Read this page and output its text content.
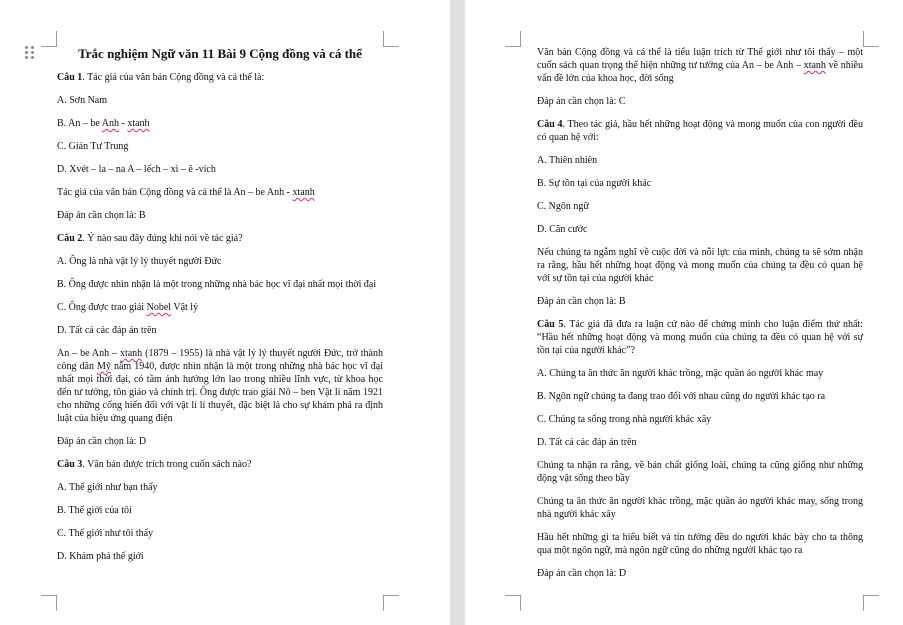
Trắc nghiệm Ngữ văn 11 Bài 9 Cộng đồng và cá thể
Câu 1. Tác giả của văn bản Cộng đồng và cá thể là:
A. Sơn Nam
B. An – be Anh - xtanh
C. Giản Tư Trung
D. Xvét – la – na A – lếch – xi – ê -vích
Tác giả của văn bản Cộng đồng và cá thể là An – be Anh - xtanh
Đáp án cần chọn là: B
Câu 2. Ý nào sau đây đúng khi nói về tác giả?
A. Ông là nhà vật lý lý thuyết người Đức
B. Ông được nhìn nhận là một trong những nhà bác học vĩ đại nhất mọi thời đại
C. Ông được trao giải Nobel Vật lý
D. Tất cả các đáp án trên
An – be Anh – xtanh (1879 – 1955) là nhà vật lý lý thuyết người Đức, trở thành công dân Mỹ năm 1940, được nhìn nhận là một trong những nhà bác học vĩ đại nhất mọi thời đại, có tầm ảnh hưởng lớn lao trong nhiều lĩnh vực, từ khoa học đến tư tưởng, tôn giáo và chính trị. Ông được trao giải Nô – ben Vật lí năm 1921 cho những cống hiến đối với vật lí lí thuyết, đặc biệt là cho sự khám phá ra định luật của hiệu ứng quang điện
Đáp án cần chọn là: D
Câu 3. Văn bản được trích trong cuốn sách nào?
A. Thế giới như bạn thấy
B. Thế giới của tôi
C. Thế giới như tôi thấy
D. Khám phá thế giới
Văn bản Cộng đồng và cá thể là tiểu luận trích từ Thế giới như tôi thấy – một cuốn sách quan trọng thể hiện những tư tưởng của An – be Anh – xtanh về nhiều vấn đề lớn của khoa học, đời sống
Đáp án cần chọn là: C
Câu 4. Theo tác giả, hầu hết những hoạt động và mong muốn của con người đều có quan hệ với:
A. Thiên nhiên
B. Sự tồn tại của người khác
C. Ngôn ngữ
D. Căn cước
Nếu chúng ta ngẫm nghĩ về cuộc đời và nỗi lực của mình, chúng ta sẽ sớm nhận ra rằng, hầu hết những hoạt động và mong muốn của chúng ta đều có quan hệ với sự tồn tại của người khác
Đáp án cần chọn là: B
Câu 5. Tác giả đã đưa ra luận cứ nào để chứng minh cho luận điểm thứ nhất: “Hầu hết những hoạt động và mong muốn của chúng ta đều có quan hệ với sự tồn tại của người khác”?
A. Chúng ta ăn thức ăn người khác trồng, mặc quần áo người khác may
B. Ngôn ngữ chúng ta đang trao đổi với nhau cũng do người khác tạo ra
C. Chúng ta sống trong nhà người khác xây
D. Tất cả các đáp án trên
Chúng ta nhận ra rằng, về bản chất giống loài, chúng ta cũng giống như những động vật sống theo bầy
Chúng ta ăn thức ăn người khác trồng, mặc quần áo người khác may, sống trong nhà người khác xây
Hầu hết những gì ta hiểu biết và tin tưởng đều do người khác bày cho ta thông qua một ngôn ngữ, mà ngôn ngữ cũng do những người khác tạo ra
Đáp án cần chọn là: D
